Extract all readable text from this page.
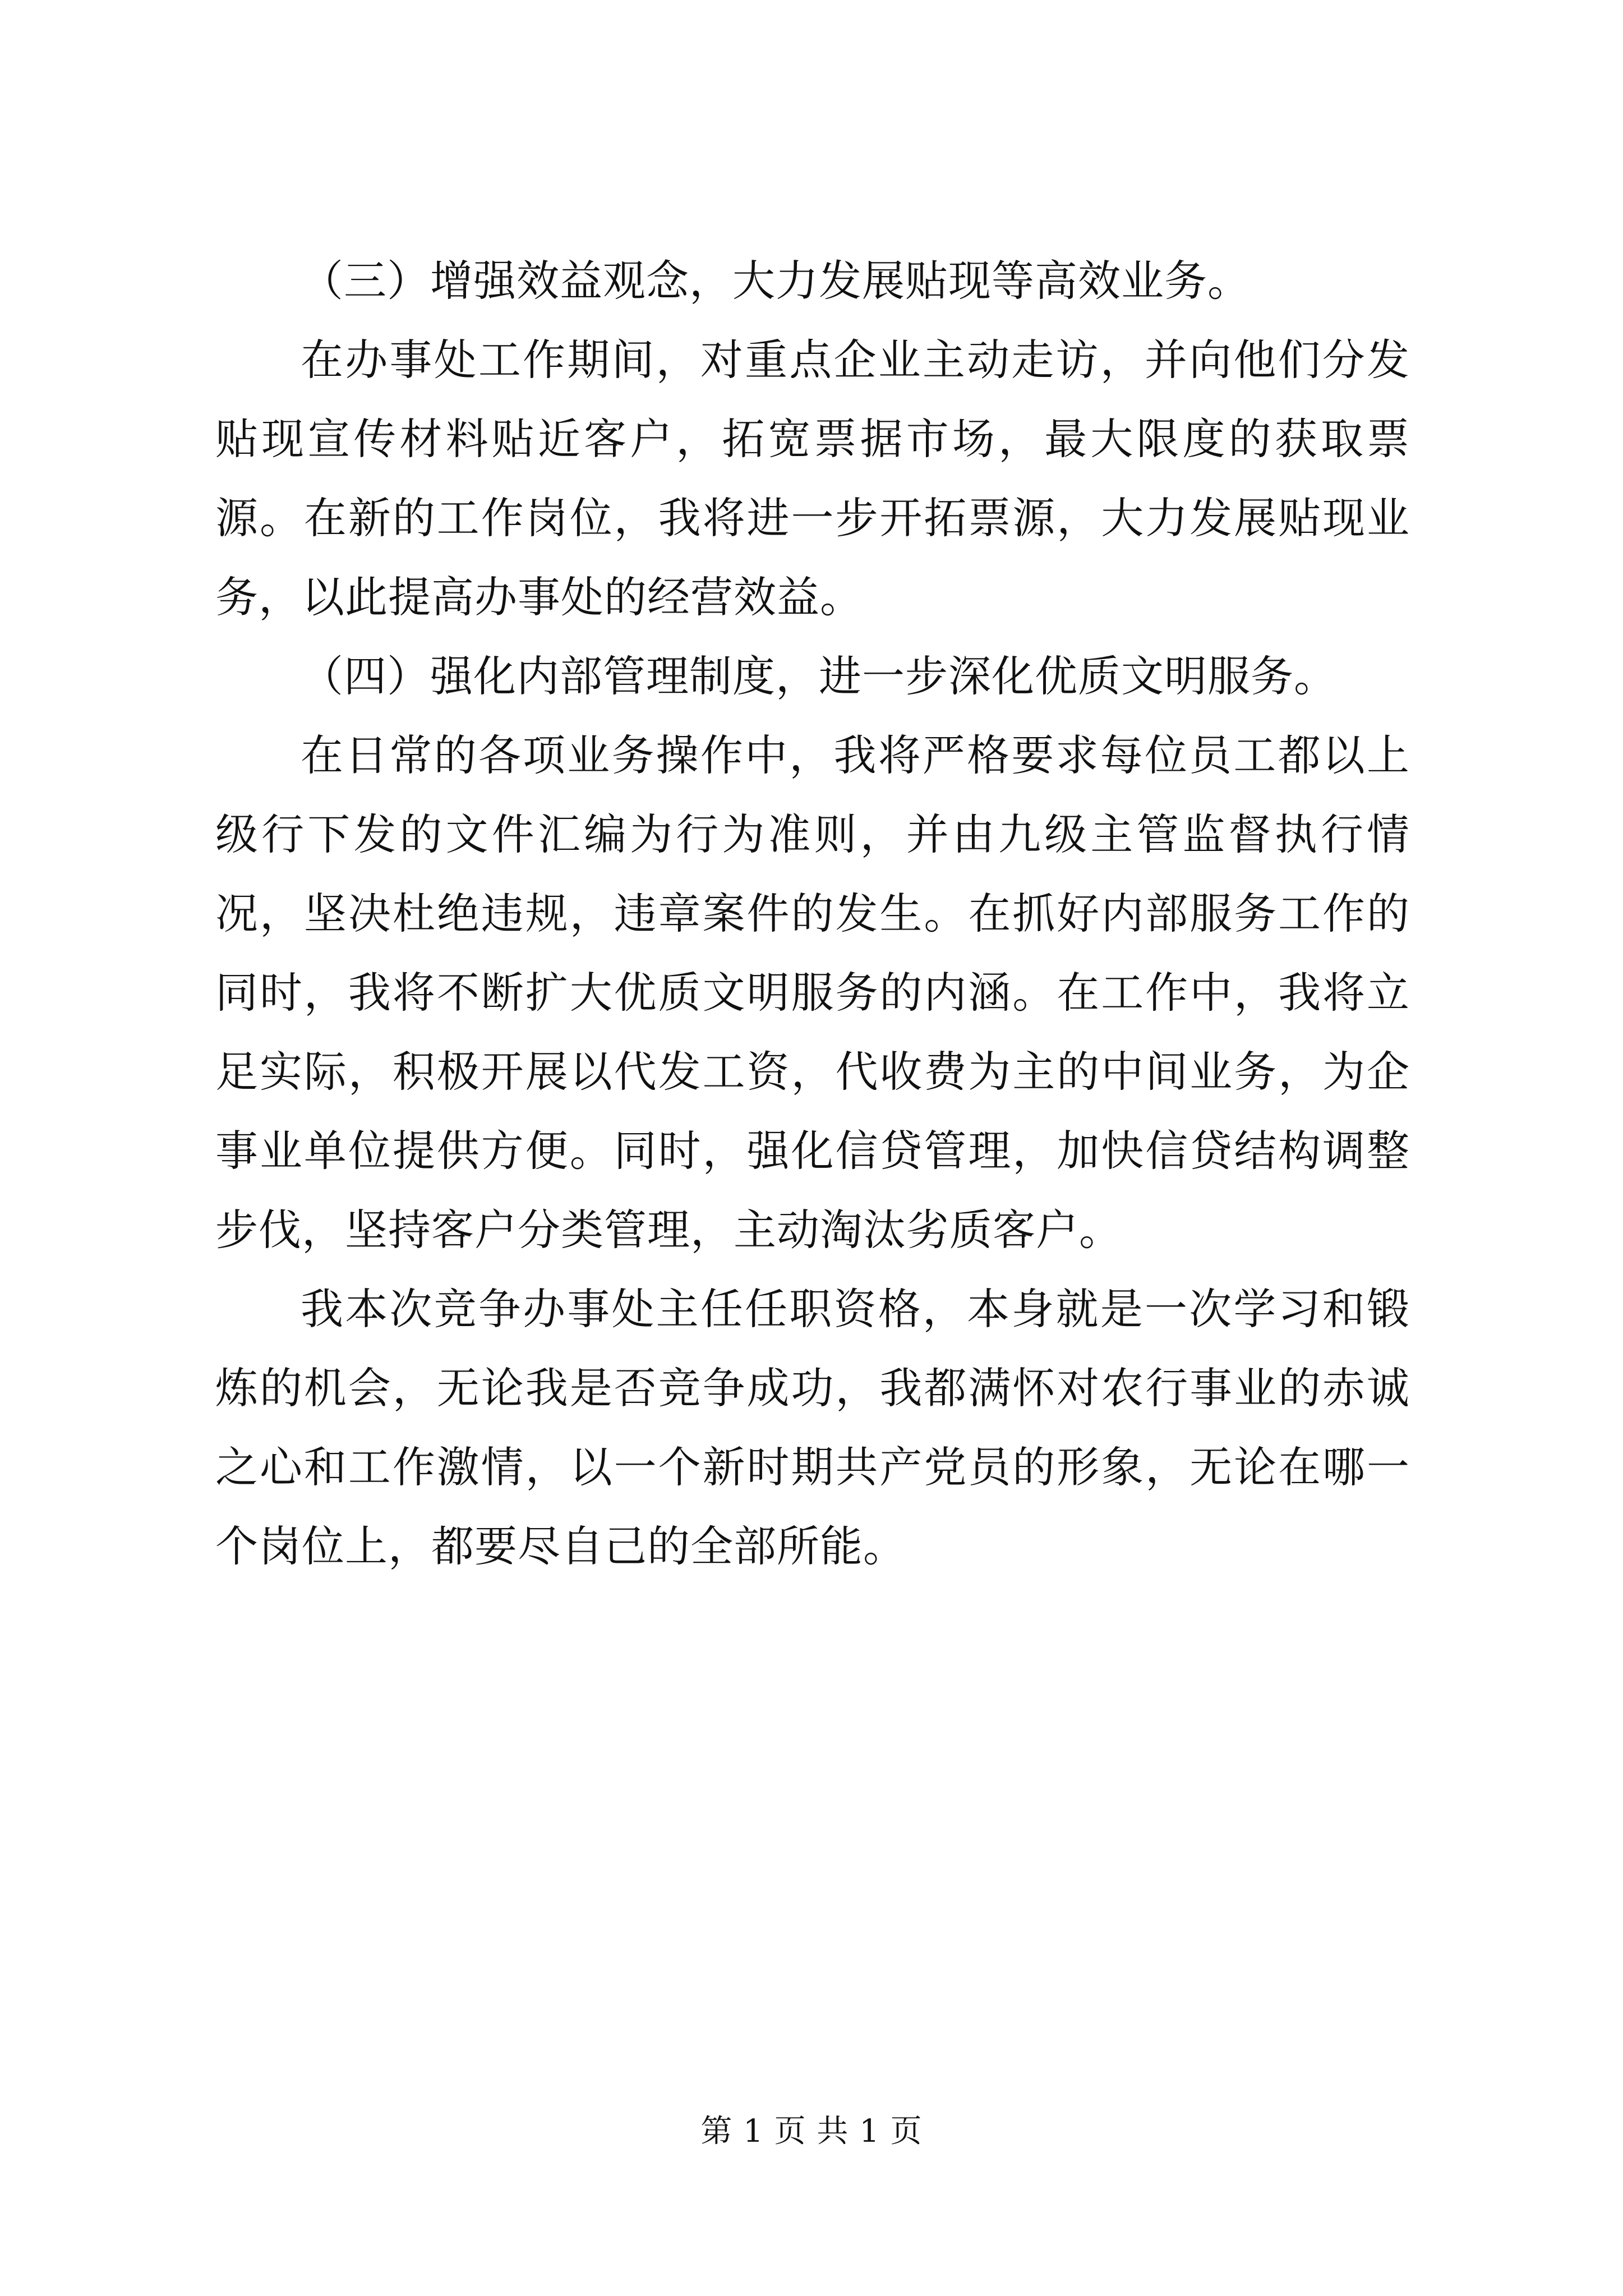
（三）增强效益观念，大力发展贴现等高效业务。

在办事处工作期间，对重点企业主动走访，并向他们分发贴现宣传材料贴近客户，拓宽票据市场，最大限度的获取票源。在新的工作岗位，我将进一步开拓票源，大力发展贴现业务，以此提高办事处的经营效益。

（四）强化内部管理制度，进一步深化优质文明服务。

在日常的各项业务操作中，我将严格要求每位员工都以上级行下发的文件汇编为行为准则，并由九级主管监督执行情况，坚决杜绝违规，违章案件的发生。在抓好内部服务工作的同时，我将不断扩大优质文明服务的内涵。在工作中，我将立足实际，积极开展以代发工资，代收费为主的中间业务，为企事业单位提供方便。同时，强化信贷管理，加快信贷结构调整步伐，坚持客户分类管理，主动淘汰劣质客户。

我本次竞争办事处主任任职资格，本身就是一次学习和锻炼的机会，无论我是否竞争成功，我都满怀对农行事业的赤诚之心和工作激情，以一个新时期共产党员的形象，无论在哪一个岗位上，都要尽自己的全部所能。

第 1 页 共 1 页
